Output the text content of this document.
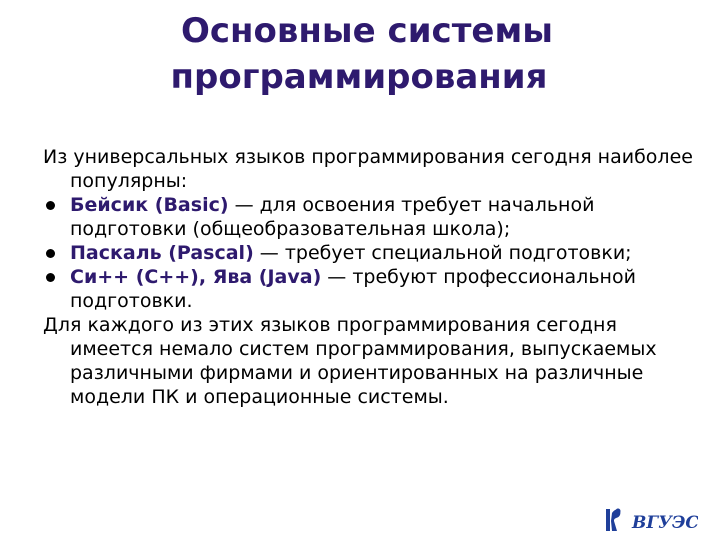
Основные системы
программирования

Из универсальных языков программирования сегодня наиболее популярны:

Бейсик (Basic) — для освоения требует начальной подготовки (общеобразовательная школа);
Паскаль (Pascal) — требует специальной подготовки;
Си++ (C++), Ява (Java) — требуют профессиональной подготовки.

Для каждого из этих языков программирования сегодня имеется немало систем программирования, выпускаемых различными фирмами и ориентированных на различные модели ПК и операционные системы.

ВГУЭС
